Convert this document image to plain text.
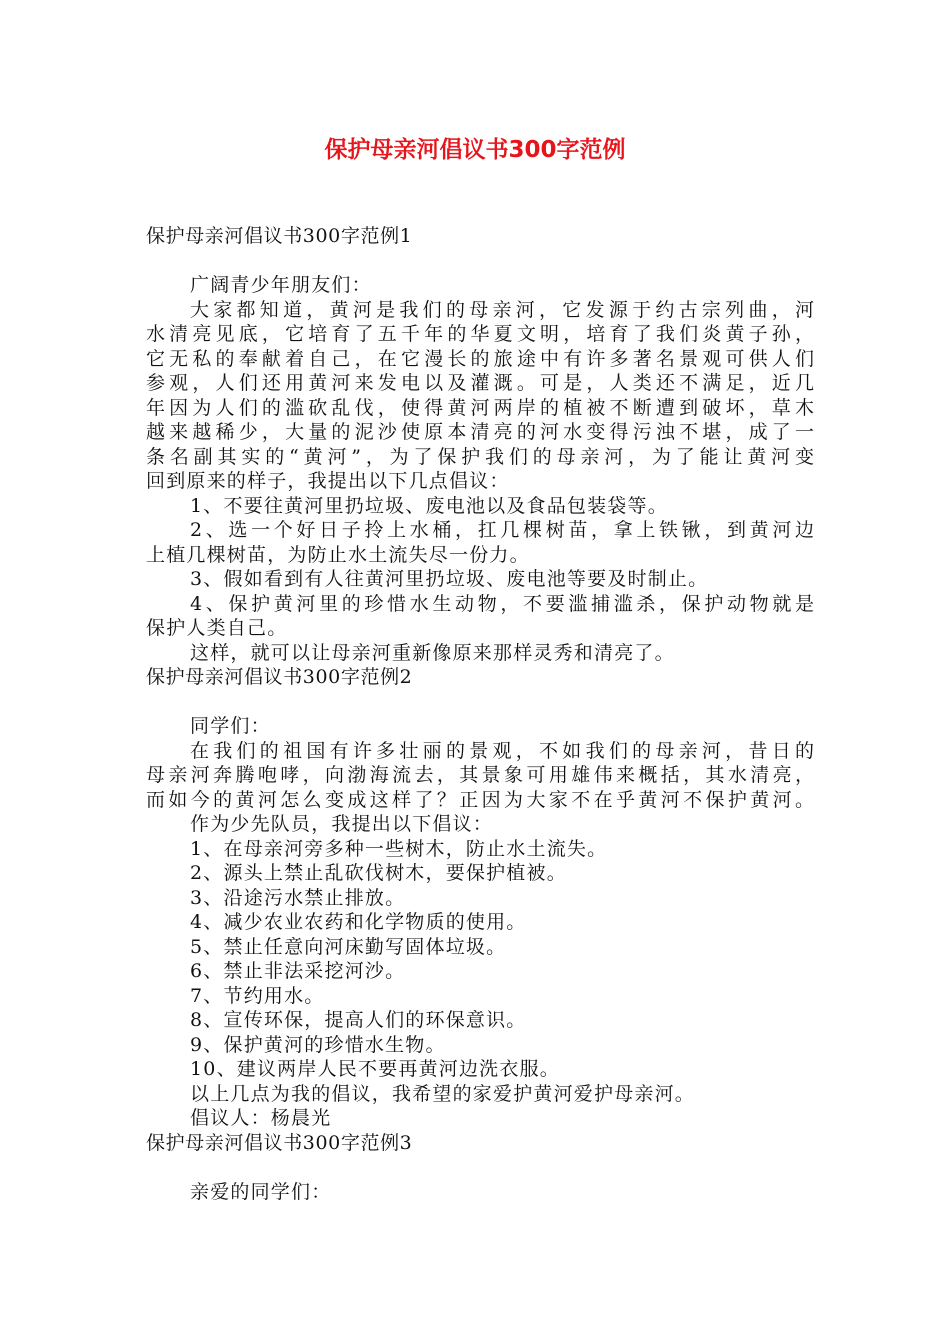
保护母亲河倡议书300字范例
保护母亲河倡议书300字范例1
广阔青少年朋友们：
大家都知道，黄河是我们的母亲河，它发源于约古宗列曲，河
水清亮见底，它培育了五千年的华夏文明，培育了我们炎黄子孙，
它无私的奉献着自己，在它漫长的旅途中有许多著名景观可供人们
参观，人们还用黄河来发电以及灌溉。可是，人类还不满足，近几
年因为人们的滥砍乱伐，使得黄河两岸的植被不断遭到破坏，草木
越来越稀少，大量的泥沙使原本清亮的河水变得污浊不堪，成了一
条名副其实的“黄河”，为了保护我们的母亲河，为了能让黄河变
回到原来的样子，我提出以下几点倡议：
1、不要往黄河里扔垃圾、废电池以及食品包装袋等。
2、选一个好日子拎上水桶，扛几棵树苗，拿上铁锹，到黄河边
上植几棵树苗，为防止水土流失尽一份力。
3、假如看到有人往黄河里扔垃圾、废电池等要及时制止。
4、保护黄河里的珍惜水生动物，不要滥捕滥杀，保护动物就是
保护人类自己。
这样，就可以让母亲河重新像原来那样灵秀和清亮了。
保护母亲河倡议书300字范例2
同学们：
在我们的祖国有许多壮丽的景观，不如我们的母亲河，昔日的
母亲河奔腾咆哮，向渤海流去，其景象可用雄伟来概括，其水清亮，
而如今的黄河怎么变成这样了？正因为大家不在乎黄河不保护黄河。
作为少先队员，我提出以下倡议：
1、在母亲河旁多种一些树木，防止水土流失。
2、源头上禁止乱砍伐树木，要保护植被。
3、沿途污水禁止排放。
4、减少农业农药和化学物质的使用。
5、禁止任意向河床勤写固体垃圾。
6、禁止非法采挖河沙。
7、节约用水。
8、宣传环保，提高人们的环保意识。
9、保护黄河的珍惜水生物。
10、建议两岸人民不要再黄河边洗衣服。
以上几点为我的倡议，我希望的家爱护黄河爱护母亲河。
倡议人：杨晨光
保护母亲河倡议书300字范例3
亲爱的同学们：
